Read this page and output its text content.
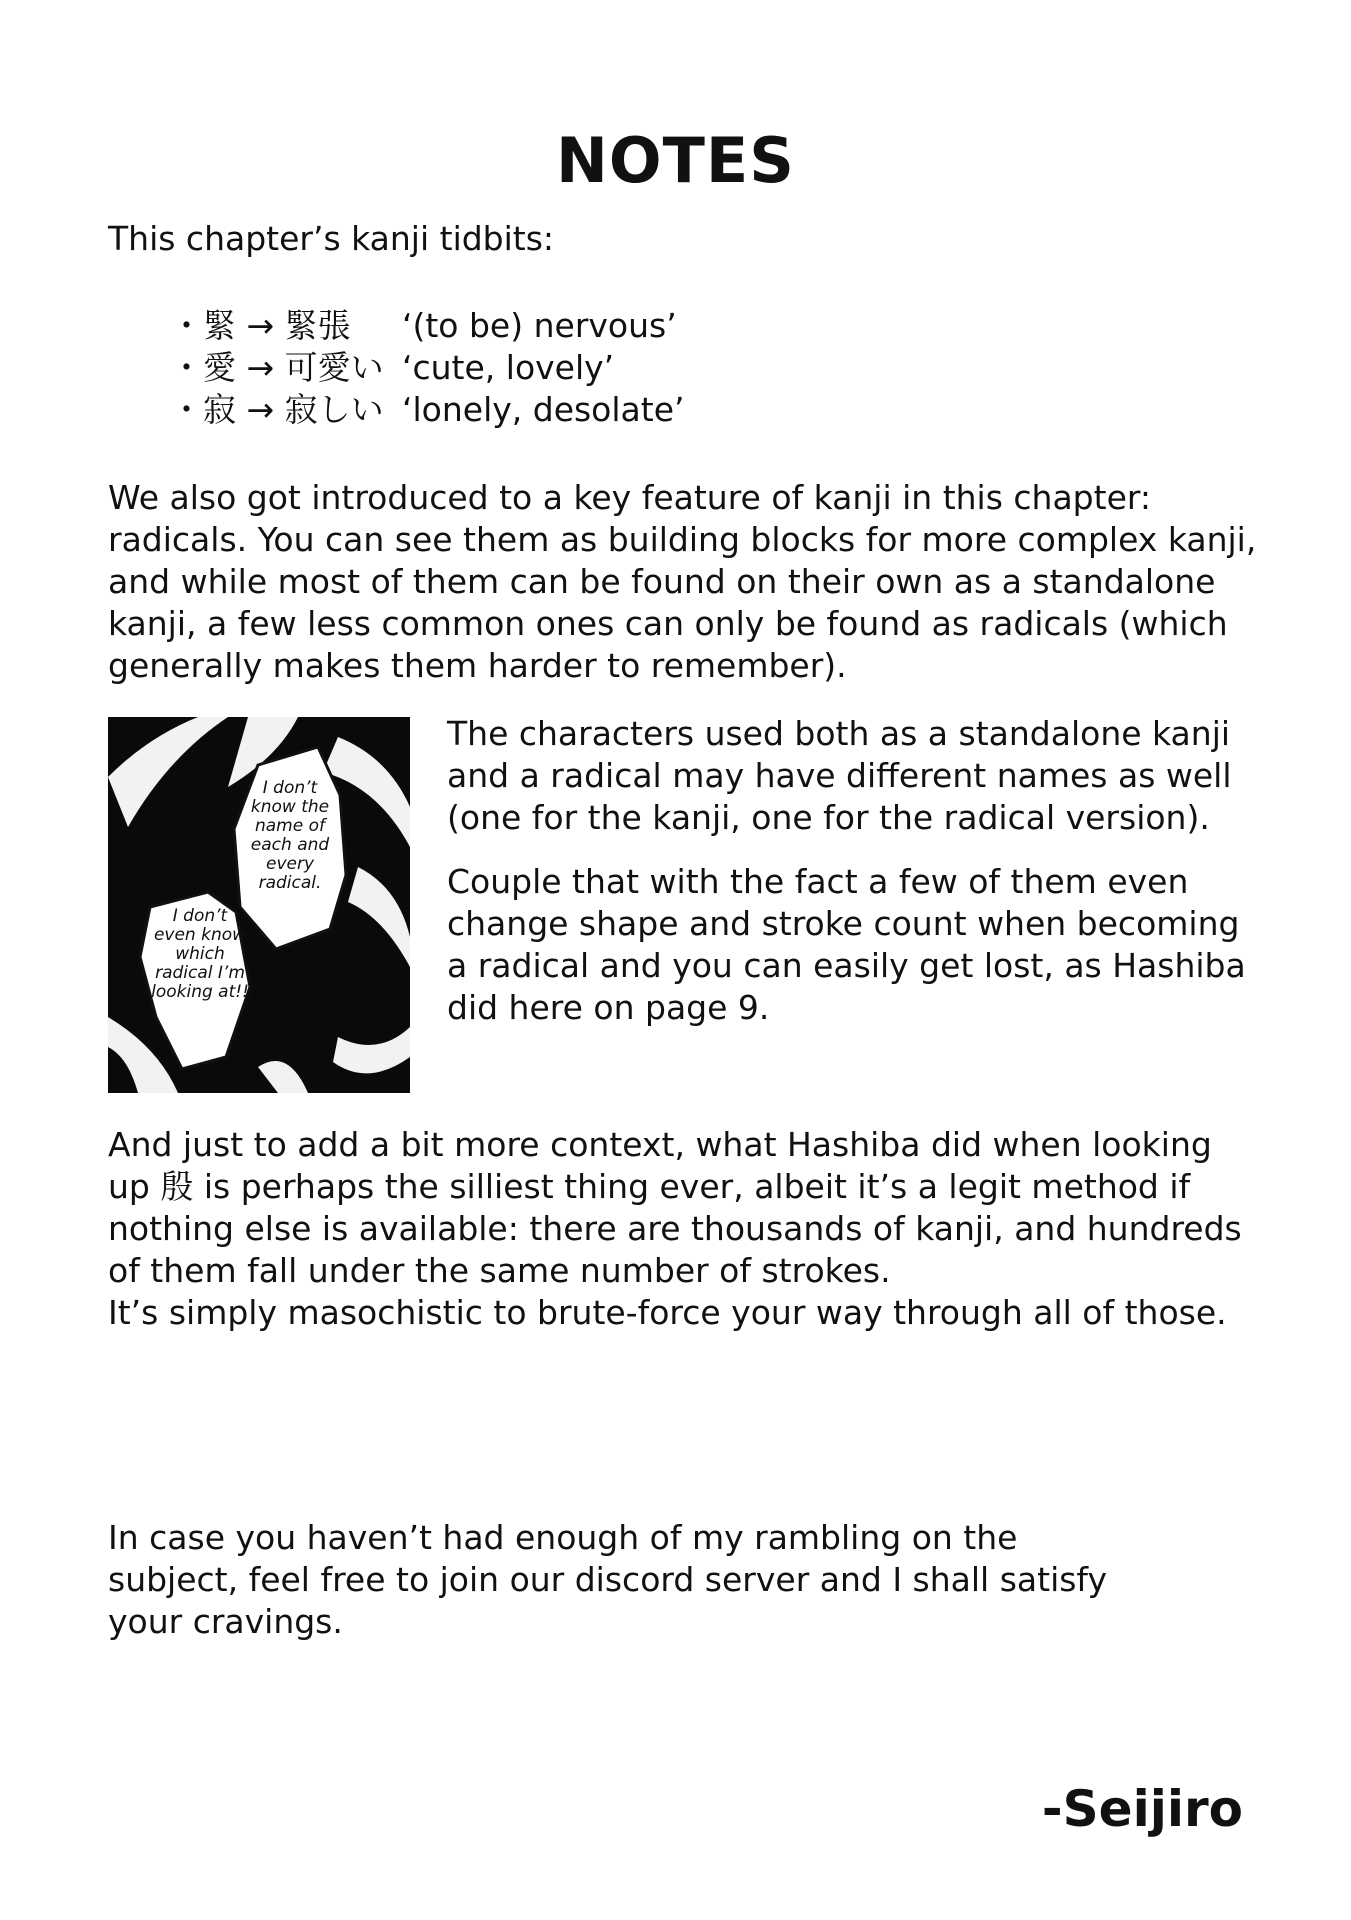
NOTES

This chapter’s kanji tidbits:

・緊 → 緊張	‘(to be) nervous’
・愛 → 可愛い ‘cute, lovely’
・寂 → 寂しい ‘lonely, desolate’

We also got introduced to a key feature of kanji in this chapter: radicals. You can see them as building blocks for more complex kanji, and while most of them can be found on their own as a standalone kanji, a few less common ones can only be found as radicals (which generally makes them harder to remember).

I don’t know the name of each and every radical.
I don’t even know which radical I’m looking at!!

The characters used both as a standalone kanji and a radical may have different names as well (one for the kanji, one for the radical version).

Couple that with the fact a few of them even change shape and stroke count when becoming a radical and you can easily get lost, as Hashiba did here on page 9.

And just to add a bit more context, what Hashiba did when looking up 殷 is perhaps the silliest thing ever, albeit it’s a legit method if nothing else is available: there are thousands of kanji, and hundreds of them fall under the same number of strokes.

It’s simply masochistic to brute-force your way through all of those.

In case you haven’t had enough of my rambling on the subject, feel free to join our discord server and I shall satisfy your cravings.

-Seijiro
